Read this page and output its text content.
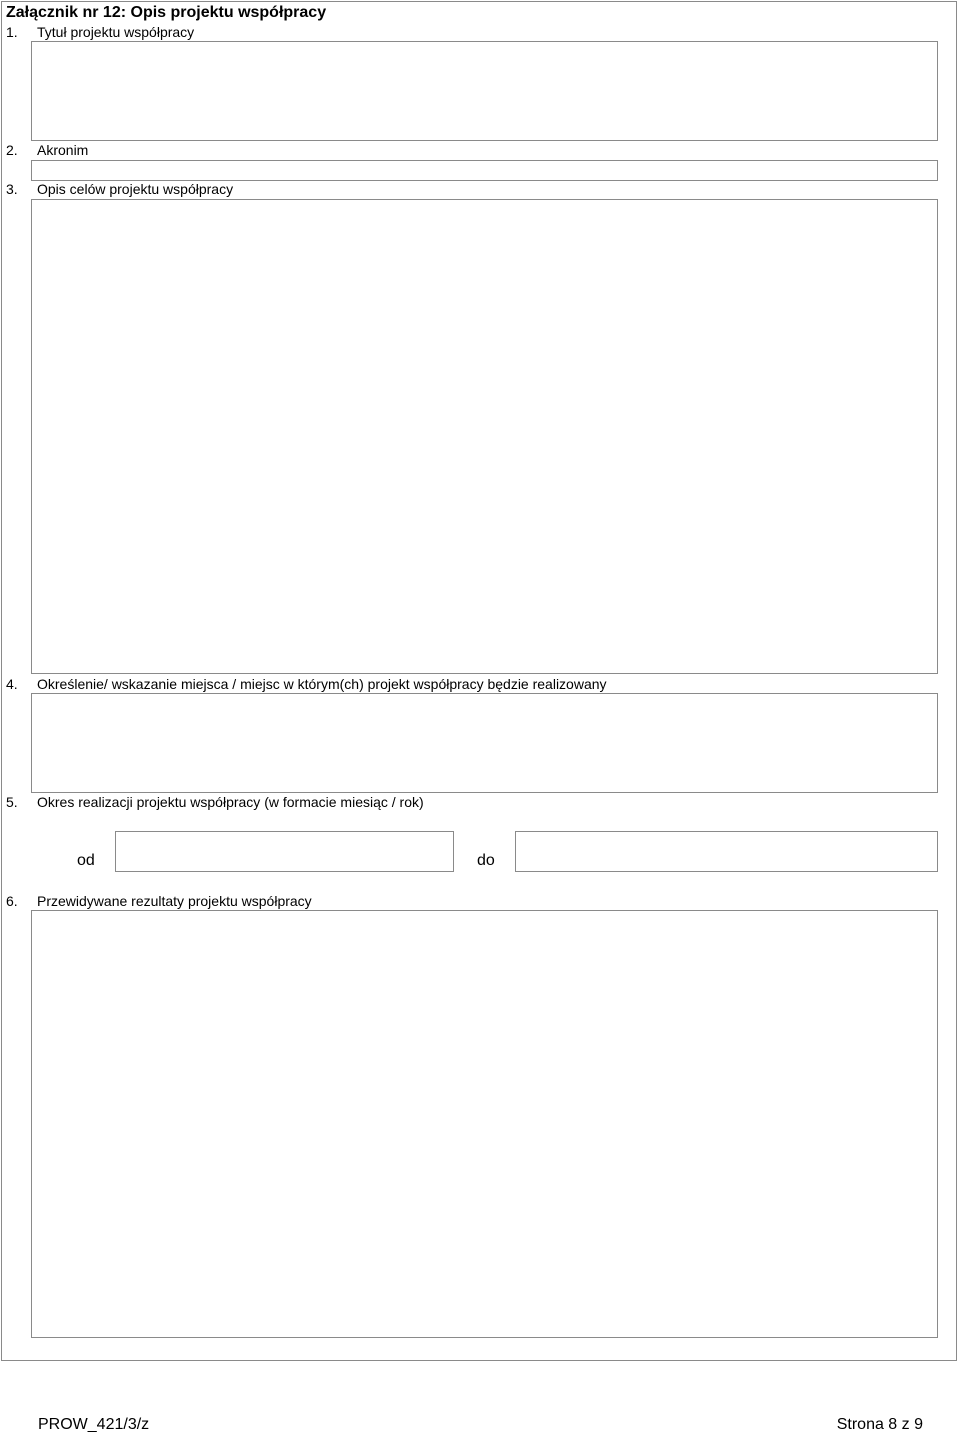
Załącznik nr 12: Opis projektu współpracy
1. Tytuł projektu współpracy
2. Akronim
3. Opis celów projektu współpracy
4. Określenie/ wskazanie miejsca / miejsc w którym(ch) projekt współpracy będzie realizowany
5. Okres realizacji projektu współpracy (w formacie miesiąc / rok)
od	do
6. Przewidywane rezultaty projektu współpracy
PROW_421/3/z	Strona 8 z 9
